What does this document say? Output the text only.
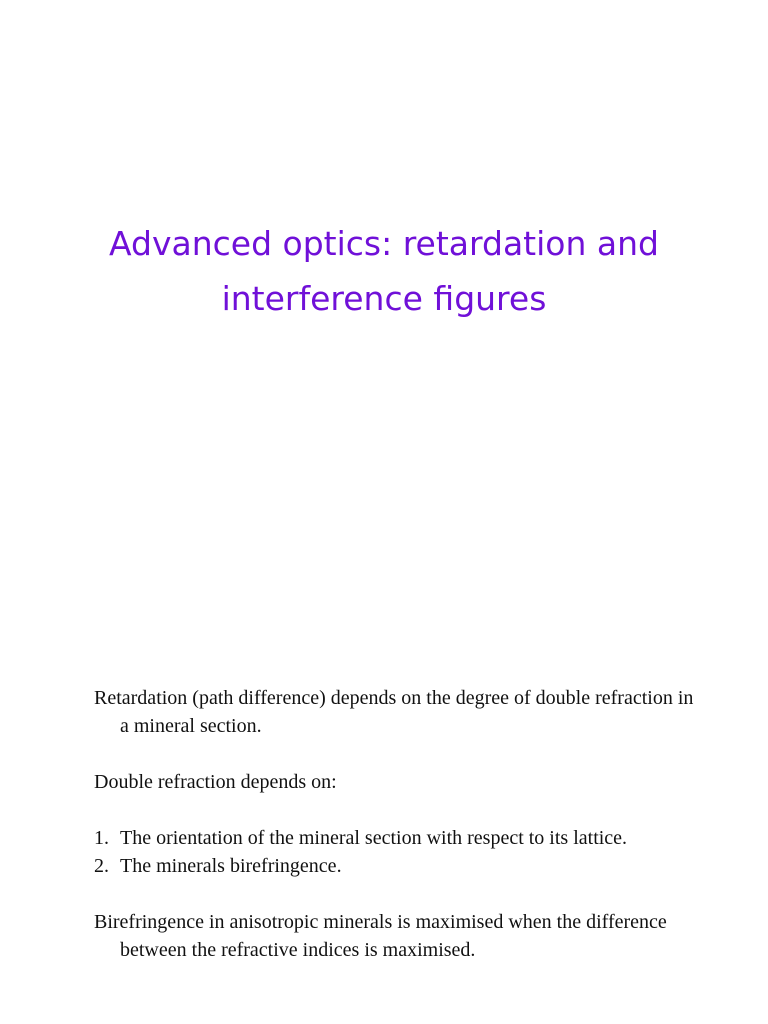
Advanced optics: retardation and
interference figures

Retardation (path difference) depends on the degree of double refraction in a mineral section.

Double refraction depends on:

1. The orientation of the mineral section with respect to its lattice.
2. The minerals birefringence.

Birefringence in anisotropic minerals is maximised when the difference between the refractive indices is maximised.
